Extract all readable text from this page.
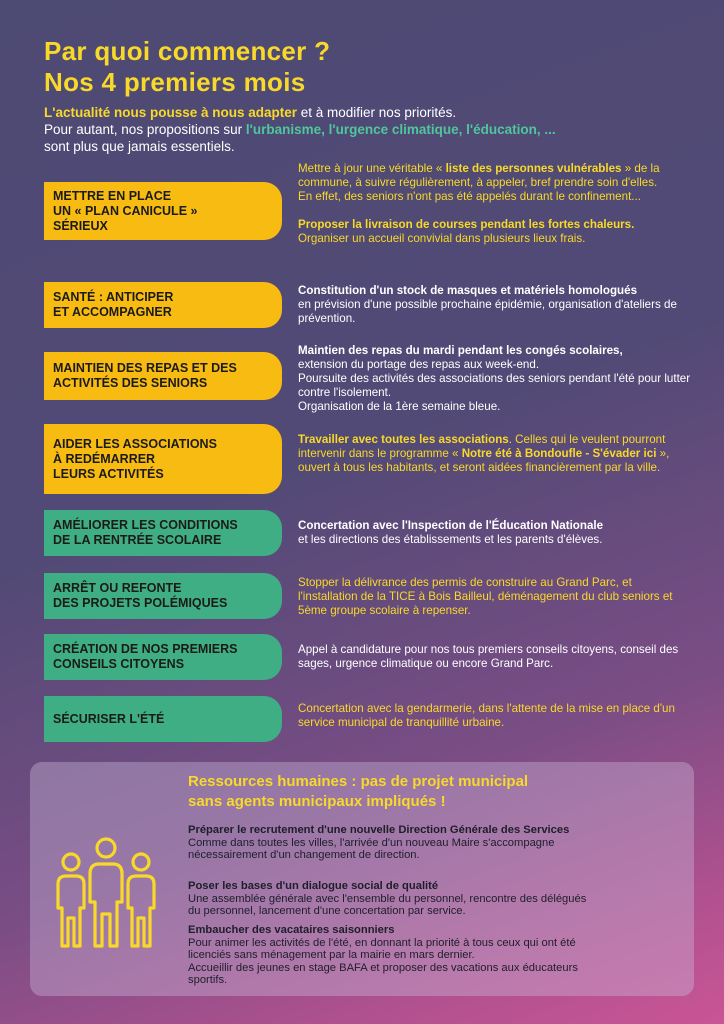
Par quoi commencer ?
Nos 4 premiers mois
L'actualité nous pousse à nous adapter et à modifier nos priorités.
Pour autant, nos propositions sur l'urbanisme, l'urgence climatique, l'éducation, ...
sont plus que jamais essentiels.
METTRE EN PLACE
UN « PLAN CANICULE »
SÉRIEUX

Mettre à jour une véritable « liste des personnes vulnérables » de la commune, à suivre régulièrement, à appeler, bref prendre soin d'elles.

En effet, des seniors n'ont pas été appelés durant le confinement...

Proposer la livraison de courses pendant les fortes chaleurs.

Organiser un accueil convivial dans plusieurs lieux frais.

SANTÉ : ANTICIPER
ET ACCOMPAGNER

Constitution d'un stock de masques et matériels homologués

en prévision d'une possible prochaine épidémie, organisation d'ateliers de prévention.

MAINTIEN DES REPAS ET DES
ACTIVITÉS DES SENIORS

Maintien des repas du mardi pendant les congés scolaires,

extension du portage des repas aux week-end.

Poursuite des activités des associations des seniors pendant l'été pour lutter contre l'isolement.

Organisation de la 1ère semaine bleue.

AIDER LES ASSOCIATIONS
À REDÉMARRER
LEURS ACTIVITÉS

Travailler avec toutes les associations. Celles qui le veulent pourront intervenir dans le programme « Notre été à Bondoufle - S'évader ici », ouvert à tous les habitants, et seront aidées financièrement par la ville.

AMÉLIORER LES CONDITIONS
DE LA RENTRÉE SCOLAIRE

Concertation avec l'Inspection de l'Éducation Nationale

et les directions des établissements et les parents d'élèves.

ARRÊT OU REFONTE
DES PROJETS POLÉMIQUES

Stopper la délivrance des permis de construire au Grand Parc, et l'installation de la TICE à Bois Bailleul, déménagement du club seniors et 5ème groupe scolaire à repenser.

CRÉATION DE NOS PREMIERS
CONSEILS CITOYENS

Appel à candidature pour nos tous premiers conseils citoyens, conseil des sages, urgence climatique ou encore Grand Parc.

SÉCURISER L'ÉTÉ

Concertation avec la gendarmerie, dans l'attente de la mise en place d'un service municipal de tranquillité urbaine.

Ressources humaines : pas de projet municipal
sans agents municipaux impliqués !
Préparer le recrutement d'une nouvelle Direction Générale des Services
Comme dans toutes les villes, l'arrivée d'un nouveau Maire s'accompagne
nécessairement d'un changement de direction.
Poser les bases d'un dialogue social de qualité
Une assemblée générale avec l'ensemble du personnel, rencontre des délégués
du personnel, lancement d'une concertation par service.
Embaucher des vacataires saisonniers
Pour animer les activités de l'été, en donnant la priorité à tous ceux qui ont été
licenciés sans ménagement par la mairie en mars dernier.
Accueillir des jeunes en stage BAFA et proposer des vacations aux éducateurs
sportifs.
